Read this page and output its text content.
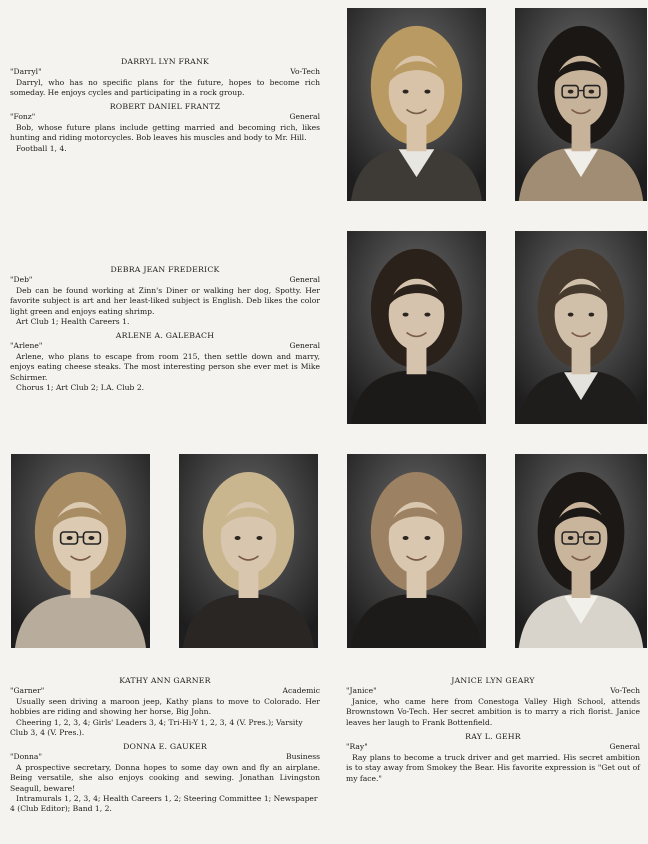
DARRYL LYN FRANK
"Darryl"	Vo-Tech
Darryl, who has no specific plans for the future, hopes to become rich someday. He enjoys cycles and participating in a rock group.
ROBERT DANIEL FRANTZ
"Fonz"	General
Bob, whose future plans include getting married and becoming rich, likes hunting and riding motorcycles. Bob leaves his muscles and body to Mr. Hill.
Football 1, 4.
DEBRA JEAN FREDERICK
"Deb"	General
Deb can be found working at Zinn's Diner or walking her dog, Spotty. Her favorite subject is art and her least-liked subject is English. Deb likes the color light green and enjoys eating shrimp.
Art Club 1; Health Careers 1.
ARLENE A. GALEBACH
"Arlene"	General
Arlene, who plans to escape from room 215, then settle down and marry, enjoys eating cheese steaks. The most interesting person she ever met is Mike Schirmer.
Chorus 1; Art Club 2; I.A. Club 2.
KATHY ANN GARNER
"Garner"	Academic
Usually seen driving a maroon jeep, Kathy plans to move to Colorado. Her hobbies are riding and showing her horse, Big John.
Cheering 1, 2, 3, 4; Girls' Leaders 3, 4; Tri-Hi-Y 1, 2, 3, 4 (V. Pres.); Varsity Club 3, 4 (V. Pres.).
DONNA E. GAUKER
"Donna"	Business
A prospective secretary, Donna hopes to some day own and fly an airplane. Being versatile, she also enjoys cooking and sewing. Jonathan Livingston Seagull, beware!
Intramurals 1, 2, 3, 4; Health Careers 1, 2; Steering Committee 1; Newspaper 4 (Club Editor); Band 1, 2.
JANICE LYN GEARY
"Janice"	Vo-Tech
Janice, who came here from Conestoga Valley High School, attends Brownstown Vo-Tech. Her secret ambition is to marry a rich florist. Janice leaves her laugh to Frank Bottenfield.
RAY L. GEHR
"Ray"	General
Ray plans to become a truck driver and get married. His secret ambition is to stay away from Smokey the Bear. His favorite expression is "Get out of my face."
